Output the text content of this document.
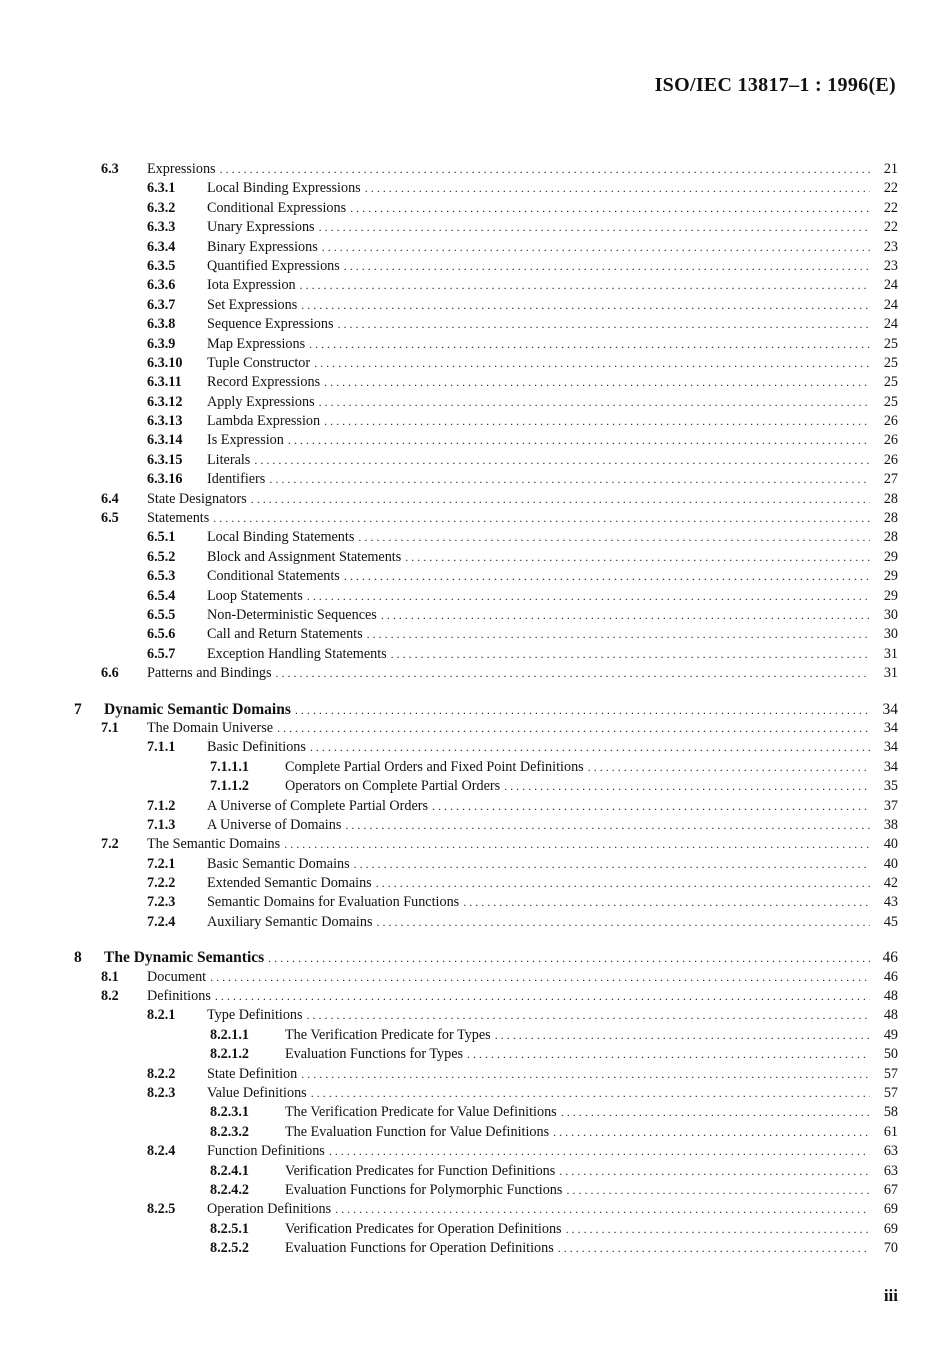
ISO/IEC 13817–1 : 1996(E)
6.3 Expressions . . .	21
6.3.1 Local Binding Expressions . . .	22
6.3.2 Conditional Expressions . . .	22
6.3.3 Unary Expressions . . .	22
6.3.4 Binary Expressions . . .	23
6.3.5 Quantified Expressions . . .	23
6.3.6 Iota Expression . . .	24
6.3.7 Set Expressions . . .	24
6.3.8 Sequence Expressions . . .	24
6.3.9 Map Expressions . . .	25
6.3.10 Tuple Constructor . . .	25
6.3.11 Record Expressions . . .	25
6.3.12 Apply Expressions . . .	25
6.3.13 Lambda Expression . . .	26
6.3.14 Is Expression . . .	26
6.3.15 Literals . . .	26
6.3.16 Identifiers . . .	27
6.4 State Designators . . .	28
6.5 Statements . . .	28
6.5.1 Local Binding Statements . . .	28
6.5.2 Block and Assignment Statements . . .	29
6.5.3 Conditional Statements . . .	29
6.5.4 Loop Statements . . .	29
6.5.5 Non-Deterministic Sequences . . .	30
6.5.6 Call and Return Statements . . .	30
6.5.7 Exception Handling Statements . . .	31
6.6 Patterns and Bindings . . .	31
7 Dynamic Semantic Domains . . .	34
7.1 The Domain Universe . . .	34
7.1.1 Basic Definitions . . .	34
7.1.1.1	Complete Partial Orders and Fixed Point Definitions . . .	34
7.1.1.2	Operators on Complete Partial Orders . . .	35
7.1.2 A Universe of Complete Partial Orders . . .	37
7.1.3 A Universe of Domains . . .	38
7.2 The Semantic Domains . . .	40
7.2.1 Basic Semantic Domains . . .	40
7.2.2 Extended Semantic Domains . . .	42
7.2.3 Semantic Domains for Evaluation Functions . . .	43
7.2.4 Auxiliary Semantic Domains . . .	45
8 The Dynamic Semantics . . .	46
8.1 Document . . .	46
8.2 Definitions . . .	48
8.2.1 Type Definitions . . .	48
8.2.1.1	The Verification Predicate for Types . . .	49
8.2.1.2	Evaluation Functions for Types . . .	50
8.2.2 State Definition . . .	57
8.2.3 Value Definitions . . .	57
8.2.3.1	The Verification Predicate for Value Definitions . . .	58
8.2.3.2	The Evaluation Function for Value Definitions . . .	61
8.2.4 Function Definitions . . .	63
8.2.4.1	Verification Predicates for Function Definitions . . .	63
8.2.4.2	Evaluation Functions for Polymorphic Functions . . .	67
8.2.5 Operation Definitions . . .	69
8.2.5.1	Verification Predicates for Operation Definitions . . .	69
8.2.5.2	Evaluation Functions for Operation Definitions . . .	70
iii
